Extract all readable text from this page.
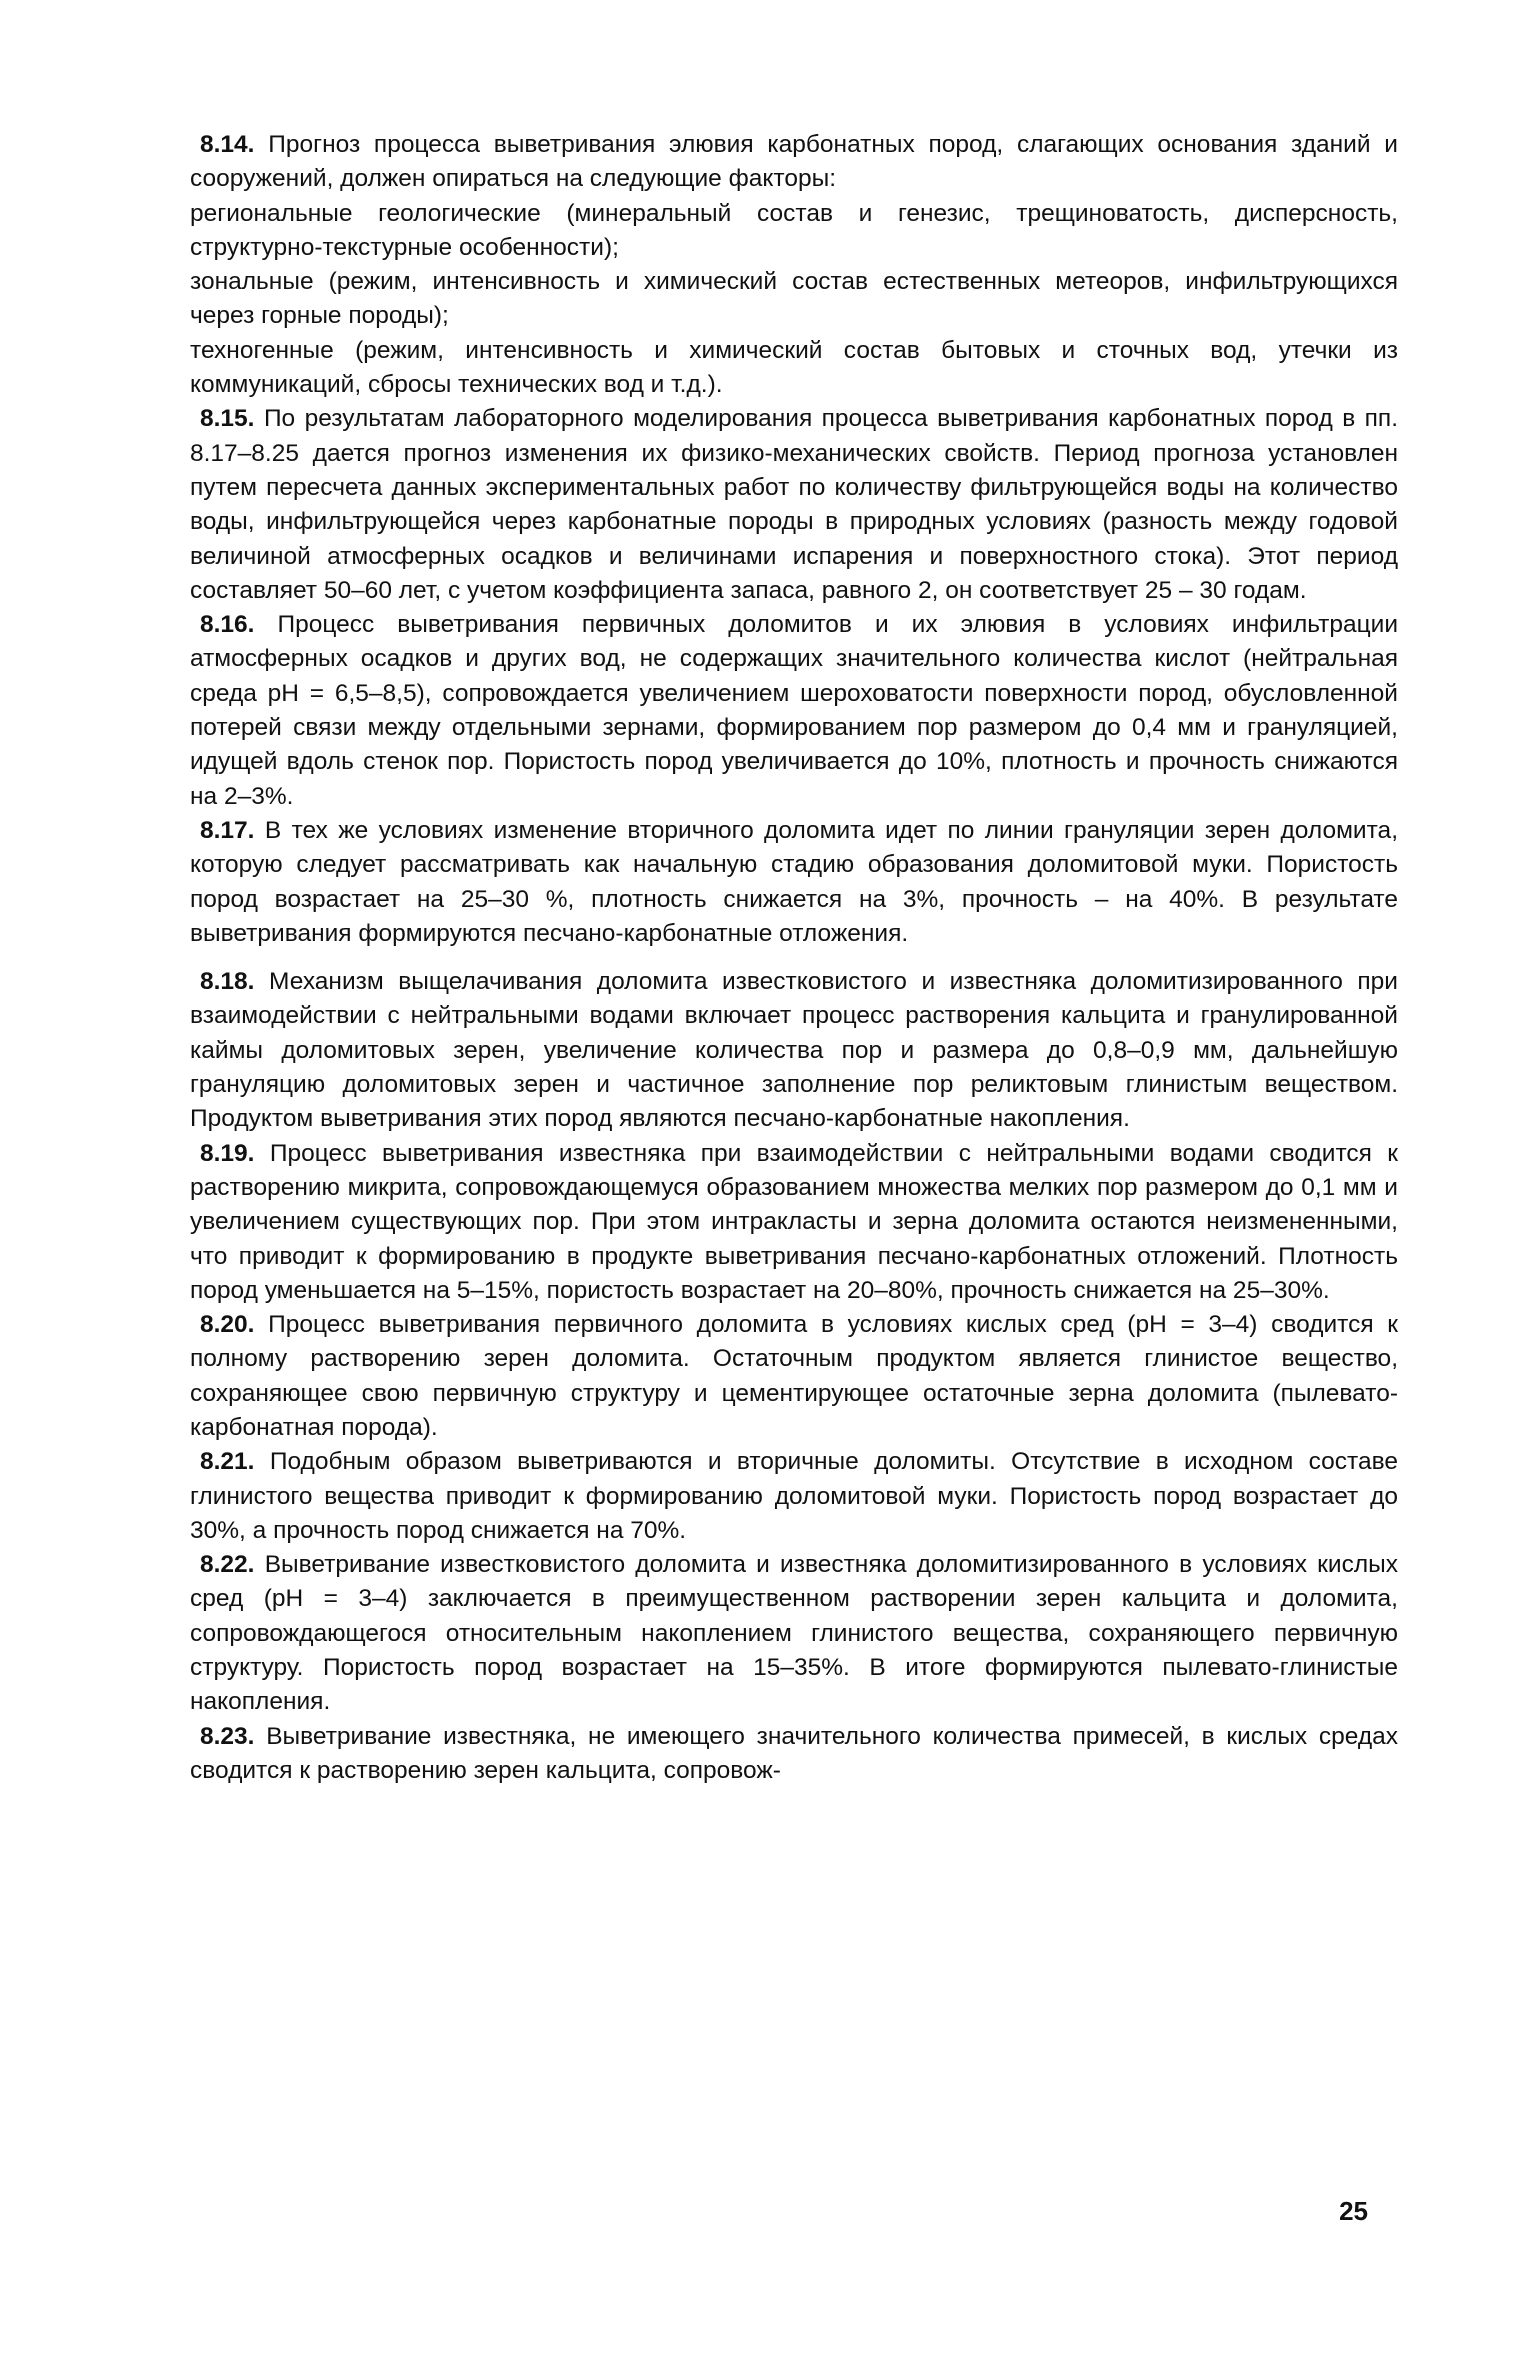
8.14. Прогноз процесса выветривания элювия карбонатных пород, слагающих основания зданий и сооружений, должен опираться на следующие факторы:

региональные геологические (минеральный состав и генезис, трещиноватость, дисперсность, структурно-текстурные особенности);

зональные (режим, интенсивность и химический состав естественных метеоров, инфильтрующихся через горные породы);

техногенные (режим, интенсивность и химический состав бытовых и сточных вод, утечки из коммуникаций, сбросы технических вод и т.д.).

8.15. По результатам лабораторного моделирования процесса выветривания карбонатных пород в пп. 8.17–8.25 дается прогноз изменения их физико-механических свойств. Период прогноза установлен путем пересчета данных экспериментальных работ по количеству фильтрующейся воды на количество воды, инфильтрующейся через карбонатные породы в природных условиях (разность между годовой величиной атмосферных осадков и величинами испарения и поверхностного стока). Этот период составляет 50–60 лет, с учетом коэффициента запаса, равного 2, он соответствует 25 – 30 годам.

8.16. Процесс выветривания первичных доломитов и их элювия в условиях инфильтрации атмосферных осадков и других вод, не содержащих значительного количества кислот (нейтральная среда pH = 6,5–8,5), сопровождается увеличением шероховатости поверхности пород, обусловленной потерей связи между отдельными зернами, формированием пор размером до 0,4 мм и грануляцией, идущей вдоль стенок пор. Пористость пород увеличивается до 10%, плотность и прочность снижаются на 2–3%.

8.17. В тех же условиях изменение вторичного доломита идет по линии грануляции зерен доломита, которую следует рассматривать как начальную стадию образования доломитовой муки. Пористость пород возрастает на 25–30 %, плотность снижается на 3%, прочность – на 40%. В результате выветривания формируются песчано-карбонатные отложения.

8.18. Механизм выщелачивания доломита известковистого и известняка доломитизированного при взаимодействии с нейтральными водами включает процесс растворения кальцита и гранулированной каймы доломитовых зерен, увеличение количества пор и размера до 0,8–0,9 мм, дальнейшую грануляцию доломитовых зерен и частичное заполнение пор реликтовым глинистым веществом. Продуктом выветривания этих пород являются песчано-карбонатные накопления.

8.19. Процесс выветривания известняка при взаимодействии с нейтральными водами сводится к растворению микрита, сопровождающемуся образованием множества мелких пор размером до 0,1 мм и увеличением существующих пор. При этом интракласты и зерна доломита остаются неизмененными, что приводит к формированию в продукте выветривания песчано-карбонатных отложений. Плотность пород уменьшается на 5–15%, пористость возрастает на 20–80%, прочность снижается на 25–30%.

8.20. Процесс выветривания первичного доломита в условиях кислых сред (pH = 3–4) сводится к полному растворению зерен доломита. Остаточным продуктом является глинистое вещество, сохраняющее свою первичную структуру и цементирующее остаточные зерна доломита (пылевато-карбонатная порода).

8.21. Подобным образом выветриваются и вторичные доломиты. Отсутствие в исходном составе глинистого вещества приводит к формированию доломитовой муки. Пористость пород возрастает до 30%, а прочность пород снижается на 70%.

8.22. Выветривание известковистого доломита и известняка доломитизированного в условиях кислых сред (pH = 3–4) заключается в преимущественном растворении зерен кальцита и доломита, сопровождающегося относительным накоплением глинистого вещества, сохраняющего первичную структуру. Пористость пород возрастает на 15–35%. В итоге формируются пылевато-глинистые накопления.

8.23. Выветривание известняка, не имеющего значительного количества примесей, в кислых средах сводится к растворению зерен кальцита, сопровож-

25
